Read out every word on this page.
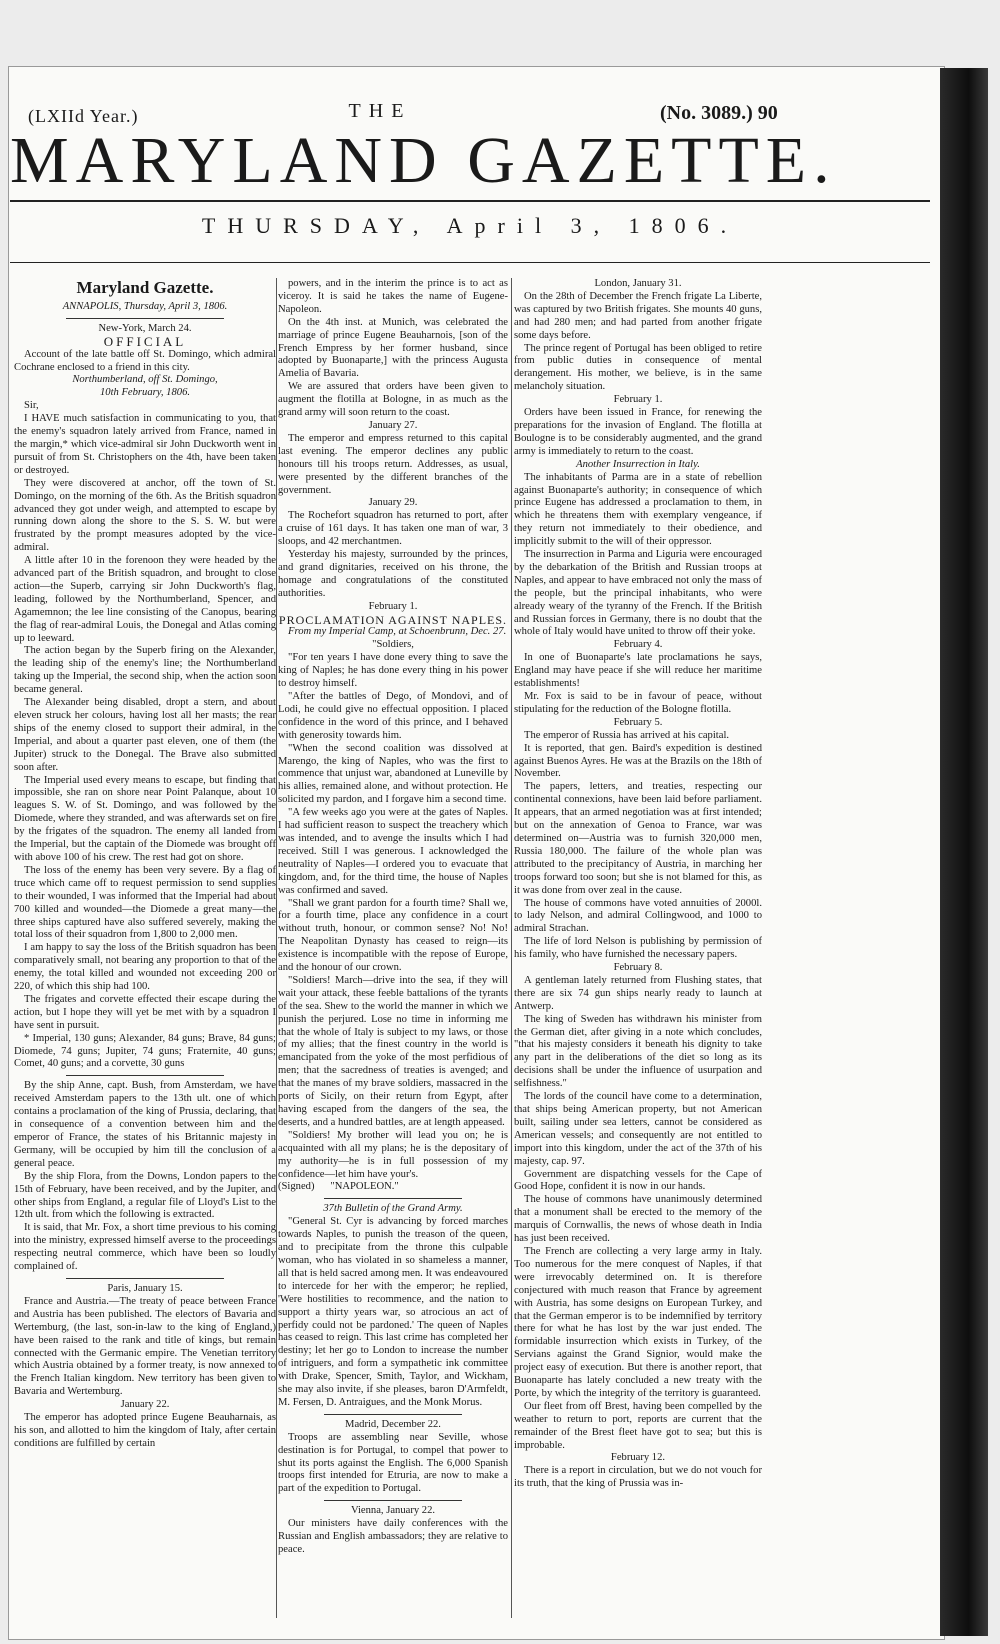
(LXIId Year.)	THE	(No. 3089.) 90
MARYLAND GAZETTE.
THURSDAY, April 3, 1806.
Maryland Gazette.

ANNAPOLIS, Thursday, April 3, 1806.

New-York, March 24.

OFFICIAL

Account of the late battle off St. Domingo, which admiral Cochrane enclosed to a friend in this city.

Northumberland, off St. Domingo,

10th February, 1806.

Sir,

I HAVE much satisfaction in communicating to you, that the enemy's squadron lately arrived from France, named in the margin,* which vice-admiral sir John Duckworth went in pursuit of from St. Christophers on the 4th, have been taken or destroyed.

They were discovered at anchor, off the town of St. Domingo, on the morning of the 6th. As the British squadron advanced they got under weigh, and attempted to escape by running down along the shore to the S. S. W. but were frustrated by the prompt measures adopted by the vice-admiral.

A little after 10 in the forenoon they were headed by the advanced part of the British squadron, and brought to close action—the Superb, carrying sir John Duckworth's flag, leading, followed by the Northumberland, Spencer, and Agamemnon; the lee line consisting of the Canopus, bearing the flag of rear-admiral Louis, the Donegal and Atlas coming up to leeward.

The action began by the Superb firing on the Alexander, the leading ship of the enemy's line; the Northumberland taking up the Imperial, the second ship, when the action soon became general.

The Alexander being disabled, dropt a stern, and about eleven struck her colours, having lost all her masts; the rear ships of the enemy closed to support their admiral, in the Imperial, and about a quarter past eleven, one of them (the Jupiter) struck to the Donegal. The Brave also submitted soon after.

The Imperial used every means to escape, but finding that impossible, she ran on shore near Point Palanque, about 10 leagues S. W. of St. Domingo, and was followed by the Diomede, where they stranded, and was afterwards set on fire by the frigates of the squadron. The enemy all landed from the Imperial, but the captain of the Diomede was brought off with above 100 of his crew. The rest had got on shore.

The loss of the enemy has been very severe. By a flag of truce which came off to request permission to send supplies to their wounded, I was informed that the Imperial had about 700 killed and wounded—the Diomede a great many—the three ships captured have also suffered severely, making the total loss of their squadron from 1,800 to 2,000 men.

I am happy to say the loss of the British squadron has been comparatively small, not bearing any proportion to that of the enemy, the total killed and wounded not exceeding 200 or 220, of which this ship had 100.

The frigates and corvette effected their escape during the action, but I hope they will yet be met with by a squadron I have sent in pursuit.

* Imperial, 130 guns; Alexander, 84 guns; Brave, 84 guns; Diomede, 74 guns; Jupiter, 74 guns; Fraternite, 40 guns; Comet, 40 guns; and a corvette, 30 guns

By the ship Anne, capt. Bush, from Amsterdam, we have received Amsterdam papers to the 13th ult. one of which contains a proclamation of the king of Prussia, declaring, that in consequence of a convention between him and the emperor of France, the states of his Britannic majesty in Germany, will be occupied by him till the conclusion of a general peace.

By the ship Flora, from the Downs, London papers to the 15th of February, have been received, and by the Jupiter, and other ships from England, a regular file of Lloyd's List to the 12th ult. from which the following is extracted.

It is said, that Mr. Fox, a short time previous to his coming into the ministry, expressed himself averse to the proceedings respecting neutral commerce, which have been so loudly complained of.

Paris, January 15.

France and Austria.—The treaty of peace between France and Austria has been published. The electors of Bavaria and Wertemburg, (the last, son-in-law to the king of England,) have been raised to the rank and title of kings, but remain connected with the Germanic empire. The Venetian territory which Austria obtained by a former treaty, is now annexed to the French Italian kingdom. New territory has been given to Bavaria and Wertemburg.

January 22.

The emperor has adopted prince Eugene Beauharnais, as his son, and allotted to him the kingdom of Italy, after certain conditions are fulfilled by certain

powers, and in the interim the prince is to act as viceroy. It is said he takes the name of Eugene-Napoleon.

On the 4th inst. at Munich, was celebrated the marriage of prince Eugene Beauharnois, [son of the French Empress by her former husband, since adopted by Buonaparte,] with the princess Augusta Amelia of Bavaria.

We are assured that orders have been given to augment the flotilla at Bologne, in as much as the grand army will soon return to the coast.

January 27.

The emperor and empress returned to this capital last evening. The emperor declines any public honours till his troops return. Addresses, as usual, were presented by the different branches of the government.

January 29.

The Rochefort squadron has returned to port, after a cruise of 161 days. It has taken one man of war, 3 sloops, and 42 merchantmen.

Yesterday his majesty, surrounded by the princes, and grand dignitaries, received on his throne, the homage and congratulations of the constituted authorities.

February 1.

PROCLAMATION AGAINST NAPLES.

From my Imperial Camp, at Schoenbrunn, Dec. 27.

"Soldiers,

"For ten years I have done every thing to save the king of Naples; he has done every thing in his power to destroy himself.

"After the battles of Dego, of Mondovi, and of Lodi, he could give no effectual opposition. I placed confidence in the word of this prince, and I behaved with generosity towards him.

"When the second coalition was dissolved at Marengo, the king of Naples, who was the first to commence that unjust war, abandoned at Luneville by his allies, remained alone, and without protection. He solicited my pardon, and I forgave him a second time.

"A few weeks ago you were at the gates of Naples. I had sufficient reason to suspect the treachery which was intended, and to avenge the insults which I had received. Still I was generous. I acknowledged the neutrality of Naples—I ordered you to evacuate that kingdom, and, for the third time, the house of Naples was confirmed and saved.

"Shall we grant pardon for a fourth time? Shall we, for a fourth time, place any confidence in a court without truth, honour, or common sense? No! No! The Neapolitan Dynasty has ceased to reign—its existence is incompatible with the repose of Europe, and the honour of our crown.

"Soldiers! March—drive into the sea, if they will wait your attack, these feeble battalions of the tyrants of the sea. Shew to the world the manner in which we punish the perjured. Lose no time in informing me that the whole of Italy is subject to my laws, or those of my allies; that the finest country in the world is emancipated from the yoke of the most perfidious of men; that the sacredness of treaties is avenged; and that the manes of my brave soldiers, massacred in the ports of Sicily, on their return from Egypt, after having escaped from the dangers of the sea, the deserts, and a hundred battles, are at length appeased.

"Soldiers! My brother will lead you on; he is acquainted with all my plans; he is the depositary of my authority—he is in full possession of my confidence—let him have your's.

(Signed) "NAPOLEON."

37th Bulletin of the Grand Army.

"General St. Cyr is advancing by forced marches towards Naples, to punish the treason of the queen, and to precipitate from the throne this culpable woman, who has violated in so shameless a manner, all that is held sacred among men. It was endeavoured to intercede for her with the emperor; he replied, 'Were hostilities to recommence, and the nation to support a thirty years war, so atrocious an act of perfidy could not be pardoned.' The queen of Naples has ceased to reign. This last crime has completed her destiny; let her go to London to increase the number of intriguers, and form a sympathetic ink committee with Drake, Spencer, Smith, Taylor, and Wickham, she may also invite, if she pleases, baron D'Armfeldt, M. Fersen, D. Antraigues, and the Monk Morus.

Madrid, December 22.

Troops are assembling near Seville, whose destination is for Portugal, to compel that power to shut its ports against the English. The 6,000 Spanish troops first intended for Etruria, are now to make a part of the expedition to Portugal.

Vienna, January 22.

Our ministers have daily conferences with the Russian and English ambassadors; they are relative to peace.

London, January 31.

On the 28th of December the French frigate La Liberte, was captured by two British frigates. She mounts 40 guns, and had 280 men; and had parted from another frigate some days before.

The prince regent of Portugal has been obliged to retire from public duties in consequence of mental derangement. His mother, we believe, is in the same melancholy situation.

February 1.

Orders have been issued in France, for renewing the preparations for the invasion of England. The flotilla at Boulogne is to be considerably augmented, and the grand army is immediately to return to the coast.

Another Insurrection in Italy.

The inhabitants of Parma are in a state of rebellion against Buonaparte's authority; in consequence of which prince Eugene has addressed a proclamation to them, in which he threatens them with exemplary vengeance, if they return not immediately to their obedience, and implicitly submit to the will of their oppressor.

The insurrection in Parma and Liguria were encouraged by the debarkation of the British and Russian troops at Naples, and appear to have embraced not only the mass of the people, but the principal inhabitants, who were already weary of the tyranny of the French. If the British and Russian forces in Germany, there is no doubt that the whole of Italy would have united to throw off their yoke.

February 4.

In one of Buonaparte's late proclamations he says, England may have peace if she will reduce her maritime establishments!

Mr. Fox is said to be in favour of peace, without stipulating for the reduction of the Bologne flotilla.

February 5.

The emperor of Russia has arrived at his capital.

It is reported, that gen. Baird's expedition is destined against Buenos Ayres. He was at the Brazils on the 18th of November.

The papers, letters, and treaties, respecting our continental connexions, have been laid before parliament. It appears, that an armed negotiation was at first intended; but on the annexation of Genoa to France, war was determined on—Austria was to furnish 320,000 men, Russia 180,000. The failure of the whole plan was attributed to the precipitancy of Austria, in marching her troops forward too soon; but she is not blamed for this, as it was done from over zeal in the cause.

The house of commons have voted annuities of 2000l. to lady Nelson, and admiral Collingwood, and 1000 to admiral Strachan.

The life of lord Nelson is publishing by permission of his family, who have furnished the necessary papers.

February 8.

A gentleman lately returned from Flushing states, that there are six 74 gun ships nearly ready to launch at Antwerp.

The king of Sweden has withdrawn his minister from the German diet, after giving in a note which concludes, "that his majesty considers it beneath his dignity to take any part in the deliberations of the diet so long as its decisions shall be under the influence of usurpation and selfishness."

The lords of the council have come to a determination, that ships being American property, but not American built, sailing under sea letters, cannot be considered as American vessels; and consequently are not entitled to import into this kingdom, under the act of the 37th of his majesty, cap. 97.

Government are dispatching vessels for the Cape of Good Hope, confident it is now in our hands.

The house of commons have unanimously determined that a monument shall be erected to the memory of the marquis of Cornwallis, the news of whose death in India has just been received.

The French are collecting a very large army in Italy. Too numerous for the mere conquest of Naples, if that were irrevocably determined on. It is therefore conjectured with much reason that France by agreement with Austria, has some designs on European Turkey, and that the German emperor is to be indemnified by territory there for what he has lost by the war just ended. The formidable insurrection which exists in Turkey, of the Servians against the Grand Signior, would make the project easy of execution. But there is another report, that Buonaparte has lately concluded a new treaty with the Porte, by which the integrity of the territory is guaranteed.

Our fleet from off Brest, having been compelled by the weather to return to port, reports are current that the remainder of the Brest fleet have got to sea; but this is improbable.

February 12.

There is a report in circulation, but we do not vouch for its truth, that the king of Prussia was in-
